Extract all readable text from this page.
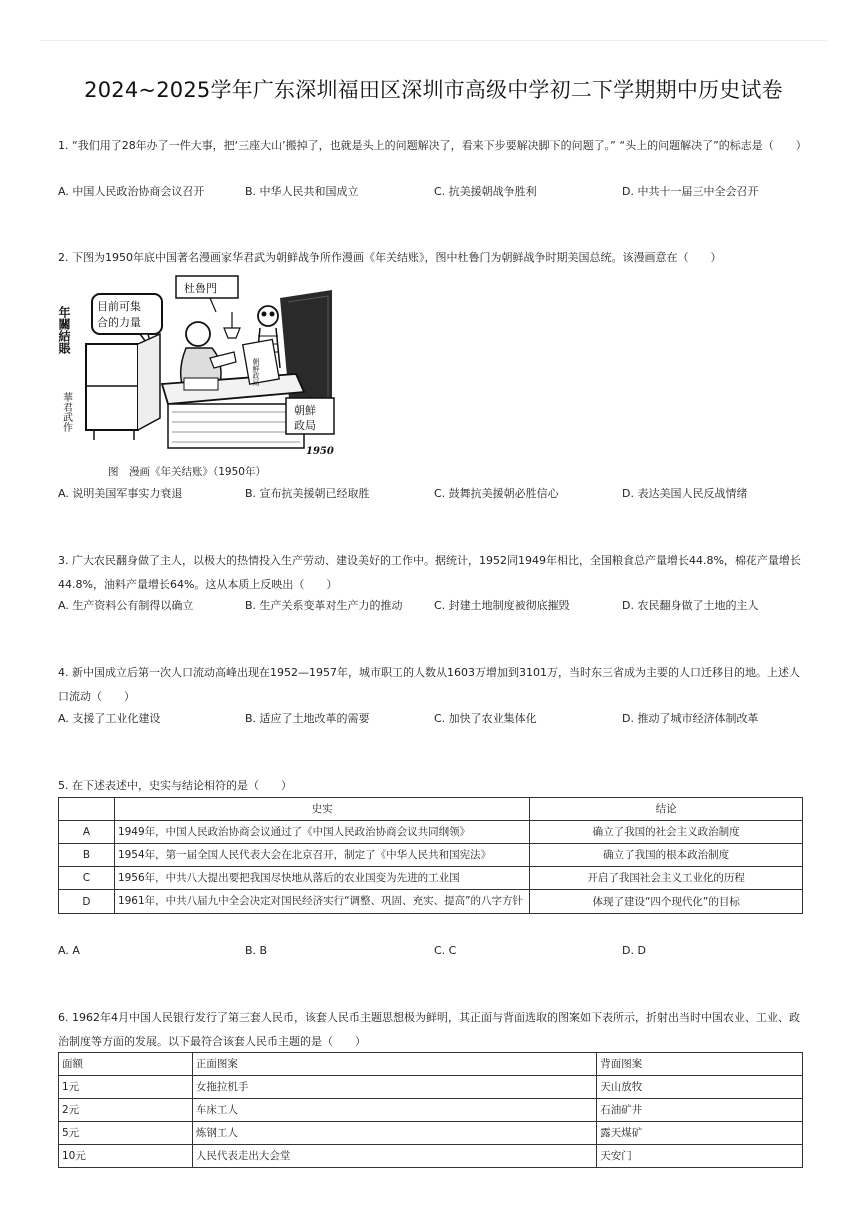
2024~2025学年广东深圳福田区深圳市高级中学初二下学期期中历史试卷
1. “我们用了28年办了一件大事，把‘三座大山’搬掉了，也就是头上的问题解决了，看来下步要解决脚下的问题了。” “头上的问题解决了”的标志是（　　）
A. 中国人民政治协商会议召开	B. 中华人民共和国成立	C. 抗美援朝战争胜利	D. 中共十一届三中全会召开
2. 下图为1950年底中国著名漫画家华君武为朝鲜战争所作漫画《年关结账》，图中杜鲁门为朝鲜战争时期美国总统。该漫画意在（　　）
年關結賬 目前可集
合的力量
杜魯門
朝鮮政局
朝鮮
政局
華君武作
1950
图　漫画《年关结账》（1950年）
A. 说明美国军事实力衰退	B. 宣布抗美援朝已经取胜	C. 鼓舞抗美援朝必胜信心	D. 表达美国人民反战情绪
3. 广大农民翻身做了主人，以极大的热情投入生产劳动、建设美好的工作中。据统计，1952同1949年相比，全国粮食总产量增长44.8%，棉花产量增长44.8%，油料产量增长64%。这从本质上反映出（　　）
A. 生产资料公有制得以确立	B. 生产关系变革对生产力的推动	C. 封建土地制度被彻底摧毁	D. 农民翻身做了土地的主人
4. 新中国成立后第一次人口流动高峰出现在1952—1957年，城市职工的人数从1603万增加到3101万，当时东三省成为主要的人口迁移目的地。上述人口流动（　　）
A. 支援了工业化建设	B. 适应了土地改革的需要	C. 加快了农业集体化	D. 推动了城市经济体制改革
5. 在下述表述中，史实与结论相符的是（　　）
	史实	结论
A	1949年，中国人民政治协商会议通过了《中国人民政治协商会议共同纲领》	确立了我国的社会主义政治制度
B	1954年，第一届全国人民代表大会在北京召开，制定了《中华人民共和国宪法》	确立了我国的根本政治制度
C	1956年，中共八大提出要把我国尽快地从落后的农业国变为先进的工业国	开启了我国社会主义工业化的历程
D	1961年，中共八届九中全会决定对国民经济实行“调整、巩固、充实、提高”的八字方针	体现了建设“四个现代化”的目标
A. A	B. B	C. C	D. D
6. 1962年4月中国人民银行发行了第三套人民币，该套人民币主题思想极为鲜明，其正面与背面选取的图案如下表所示，折射出当时中国农业、工业、政治制度等方面的发展。以下最符合该套人民币主题的是（　　）
面额	正面图案	背面图案
1元	女拖拉机手	天山放牧
2元	车床工人	石油矿井
5元	炼钢工人	露天煤矿
10元	人民代表走出大会堂	天安门
